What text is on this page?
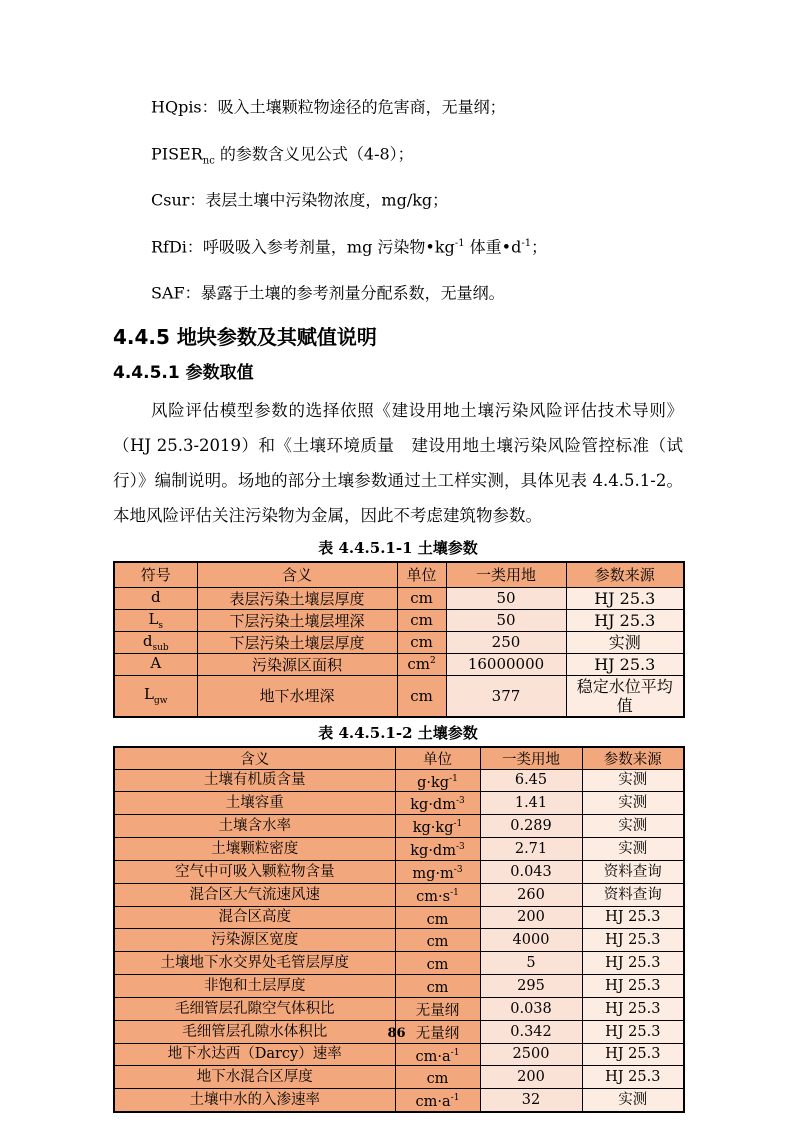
HQpis：吸入土壤颗粒物途径的危害商，无量纲；
$PISER_{nc}$ 的参数含义见公式（4-8）；
Csur：表层土壤中污染物浓度，mg/kg；
RfDi：呼吸吸入参考剂量，mg 污染物$•kg^{-1}$ 体重$•d^{-1}$；
SAF：暴露于土壤的参考剂量分配系数，无量纲。
4.4.5 地块参数及其赋值说明
4.4.5.1 参数取值

风险评估模型参数的选择依照《建设用地土壤污染风险评估技术导则》（HJ 25.3-2019）和《土壤环境质量　建设用地土壤污染风险管控标准（试行）》编制说明。场地的部分土壤参数通过土工样实测，具体见表 4.4.5.1-2。本地风险评估关注污染物为金属，因此不考虑建筑物参数。

表 4.4.5.1-1 土壤参数
符号	含义	单位	一类用地	参数来源
d	表层污染土壤层厚度	cm	50	HJ 25.3
$L_s$	下层污染土壤层埋深	cm	50	HJ 25.3
$d_{sub}$	下层污染土壤层厚度	cm	250	实测
A	污染源区面积	$cm^2$	16000000	HJ 25.3
$L_{gw}$	地下水埋深	cm	377	稳定水位平均值
表 4.4.5.1-2 土壤参数
含义	单位	一类用地	参数来源
土壤有机质含量	$g\cdot kg^{-1}$	6.45	实测
土壤容重	$kg\cdot dm^{-3}$	1.41	实测
土壤含水率	$kg\cdot kg^{-1}$	0.289	实测
土壤颗粒密度	$kg\cdot dm^{-3}$	2.71	实测
空气中可吸入颗粒物含量	$mg\cdot m^{-3}$	0.043	资料查询
混合区大气流速风速	$cm\cdot s^{-1}$	260	资料查询
混合区高度	cm	200	HJ 25.3
污染源区宽度	cm	4000	HJ 25.3
土壤地下水交界处毛管层厚度	cm	5	HJ 25.3
非饱和土层厚度	cm	295	HJ 25.3
毛细管层孔隙空气体积比	无量纲	0.038	HJ 25.3
毛细管层孔隙水体积比	无量纲	0.342	HJ 25.3
地下水达西（Darcy）速率	$cm\cdot a^{-1}$	2500	HJ 25.3
地下水混合区厚度	cm	200	HJ 25.3
土壤中水的入渗速率	$cm\cdot a^{-1}$	32	实测
86
